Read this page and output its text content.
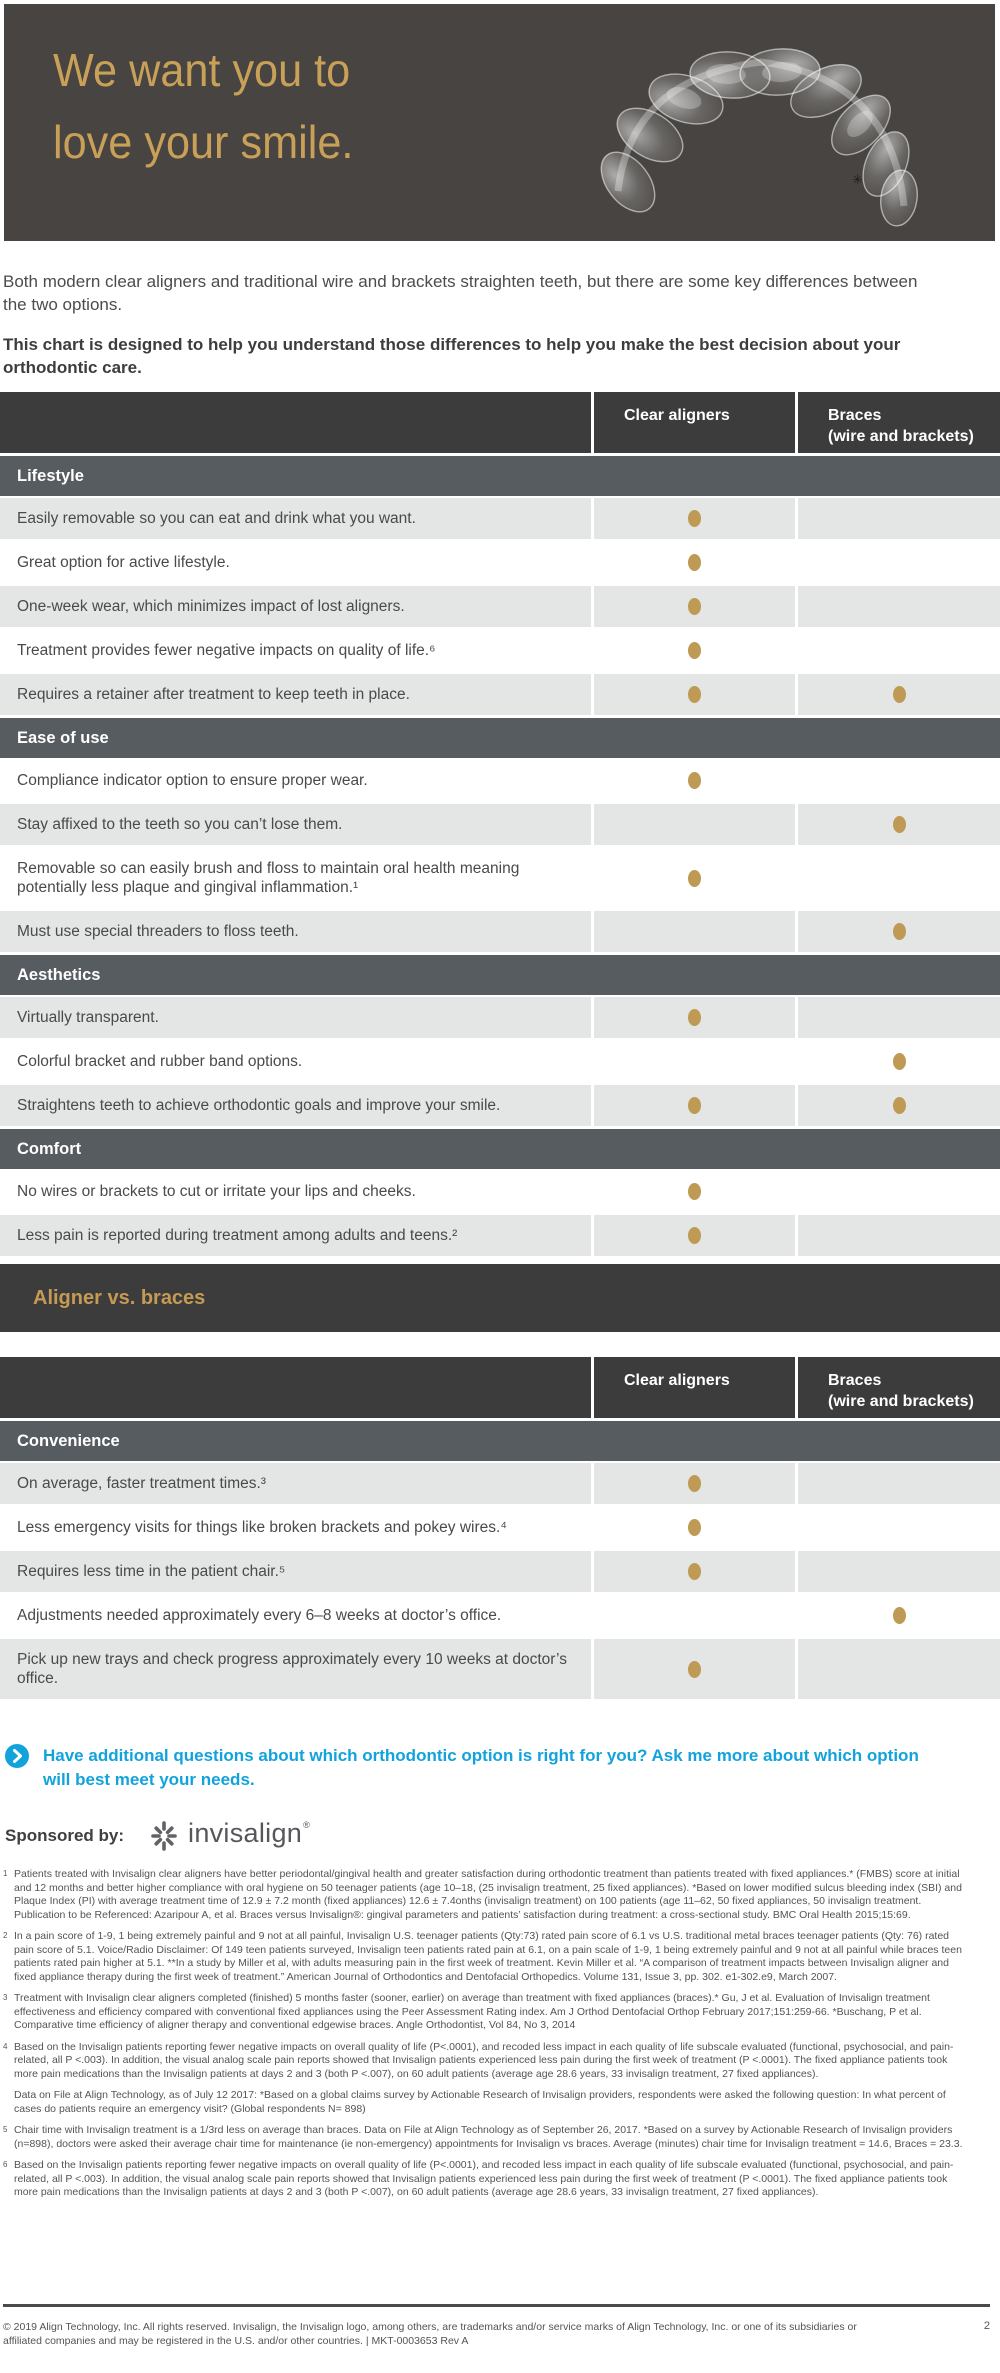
We want you to
love your smile.
✳

Both modern clear aligners and traditional wire and brackets straighten teeth, but there are some key differences between the two options.

This chart is designed to help you understand those differences to help you make the best decision about your orthodontic care.

Clear aligners	Braces
(wire and brackets)
Lifestyle
Easily removable so you can eat and drink what you want.
Great option for active lifestyle.
One-week wear, which minimizes impact of lost aligners.
Treatment provides fewer negative impacts on quality of life.⁶
Requires a retainer after treatment to keep teeth in place.
Ease of use
Compliance indicator option to ensure proper wear.
Stay affixed to the teeth so you can’t lose them.
Removable so can easily brush and floss to maintain oral health meaning potentially less plaque and gingival inflammation.¹
Must use special threaders to floss teeth.
Aesthetics
Virtually transparent.
Colorful bracket and rubber band options.
Straightens teeth to achieve orthodontic goals and improve your smile.
Comfort
No wires or brackets to cut or irritate your lips and cheeks.
Less pain is reported during treatment among adults and teens.²
Aligner vs. braces
Clear aligners	Braces
(wire and brackets)
Convenience
On average, faster treatment times.³
Less emergency visits for things like broken brackets and pokey wires.⁴
Requires less time in the patient chair.⁵
Adjustments needed approximately every 6–8 weeks at doctor’s office.
Pick up new trays and check progress approximately every 10 weeks at doctor’s office.

Have additional questions about which orthodontic option is right for you? Ask me more about which option will best meet your needs.

Sponsored by: invisalign ®
1 Patients treated with Invisalign clear aligners have better periodontal/gingival health and greater satisfaction during orthodontic treatment than patients treated with fixed appliances.* (FMBS) score at initial and 12 months and better higher compliance with oral hygiene on 50 teenager patients (age 10–18, (25 invisalign treatment, 25 fixed appliances). *Based on lower modified sulcus bleeding index (SBI) and Plaque Index (PI) with average treatment time of 12.9 ± 7.2 month (fixed appliances) 12.6 ± 7.4onths (invisalign treatment) on 100 patients (age 11–62, 50 fixed appliances, 50 invisalign treatment. Publication to be Referenced: Azaripour A, et al. Braces versus Invisalign®: gingival parameters and patients’ satisfaction during treatment: a cross-sectional study. BMC Oral Health 2015;15:69.

2 In a pain score of 1-9, 1 being extremely painful and 9 not at all painful, Invisalign U.S. teenager patients (Qty:73) rated pain score of 6.1 vs U.S. traditional metal braces teenager patients (Qty: 76) rated pain score of 5.1. Voice/Radio Disclaimer: Of 149 teen patients surveyed, Invisalign teen patients rated pain at 6.1, on a pain scale of 1-9, 1 being extremely painful and 9 not at all painful while braces teen patients rated pain higher at 5.1. **In a study by Miller et al, with adults measuring pain in the first week of treatment. Kevin Miller et al. “A comparison of treatment impacts between Invisalign aligner and fixed appliance therapy during the first week of treatment.” American Journal of Orthodontics and Dentofacial Orthopedics. Volume 131, Issue 3, pp. 302. e1-302.e9, March 2007.

3 Treatment with Invisalign clear aligners completed (finished) 5 months faster (sooner, earlier) on average than treatment with fixed appliances (braces).* Gu, J et al. Evaluation of Invisalign treatment effectiveness and efficiency compared with conventional fixed appliances using the Peer Assessment Rating index. Am J Orthod Dentofacial Orthop February 2017;151:259-66. *Buschang, P et al. Comparative time efficiency of aligner therapy and conventional edgewise braces. Angle Orthodontist, Vol 84, No 3, 2014

4 Based on the Invisalign patients reporting fewer negative impacts on overall quality of life (P<.0001), and recoded less impact in each quality of life subscale evaluated (functional, psychosocial, and pain-related, all P <.003). In addition, the visual analog scale pain reports showed that Invisalign patients experienced less pain during the first week of treatment (P <.0001). The fixed appliance patients took more pain medications than the Invisalign patients at days 2 and 3 (both P <.007), on 60 adult patients (average age 28.6 years, 33 invisalign treatment, 27 fixed appliances).

Data on File at Align Technology, as of July 12 2017: *Based on a global claims survey by Actionable Research of Invisalign providers, respondents were asked the following question: In what percent of cases do patients require an emergency visit? (Global respondents N= 898)

5 Chair time with Invisalign treatment is a 1/3rd less on average than braces. Data on File at Align Technology as of September 26, 2017. *Based on a survey by Actionable Research of Invisalign providers (n=898), doctors were asked their average chair time for maintenance (ie non-emergency) appointments for Invisalign vs braces. Average (minutes) chair time for Invisalign treatment = 14.6, Braces = 23.3.

6 Based on the Invisalign patients reporting fewer negative impacts on overall quality of life (P<.0001), and recoded less impact in each quality of life subscale evaluated (functional, psychosocial, and pain-related, all P <.003). In addition, the visual analog scale pain reports showed that Invisalign patients experienced less pain during the first week of treatment (P <.0001). The fixed appliance patients took more pain medications than the Invisalign patients at days 2 and 3 (both P <.007), on 60 adult patients (average age 28.6 years, 33 invisalign treatment, 27 fixed appliances).

© 2019 Align Technology, Inc. All rights reserved. Invisalign, the Invisalign logo, among others, are trademarks and/or service marks of Align Technology, Inc. or one of its subsidiaries or affiliated companies and may be registered in the U.S. and/or other countries. | MKT-0003653 Rev A

2
